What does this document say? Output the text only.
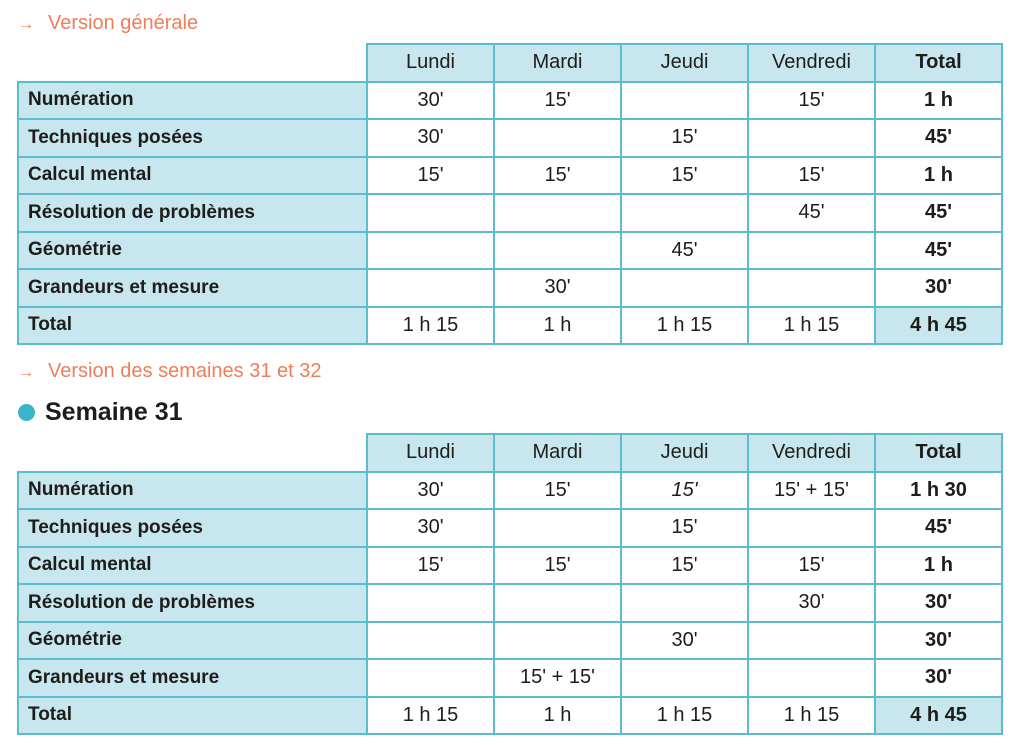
→ Version générale
	Lundi	Mardi	Jeudi	Vendredi	Total
Numération	30'	15'		15'	1 h
Techniques posées	30'		15'		45'
Calcul mental	15'	15'	15'	15'	1 h
Résolution de problèmes				45'	45'
Géométrie			45'		45'
Grandeurs et mesure		30'			30'
Total	1 h 15	1 h	1 h 15	1 h 15	4 h 45
→ Version des semaines 31 et 32
Semaine 31
	Lundi	Mardi	Jeudi	Vendredi	Total
Numération	30'	15'	15'	15' + 15'	1 h 30
Techniques posées	30'		15'		45'
Calcul mental	15'	15'	15'	15'	1 h
Résolution de problèmes				30'	30'
Géométrie			30'		30'
Grandeurs et mesure		15' + 15'			30'
Total	1 h 15	1 h	1 h 15	1 h 15	4 h 45
